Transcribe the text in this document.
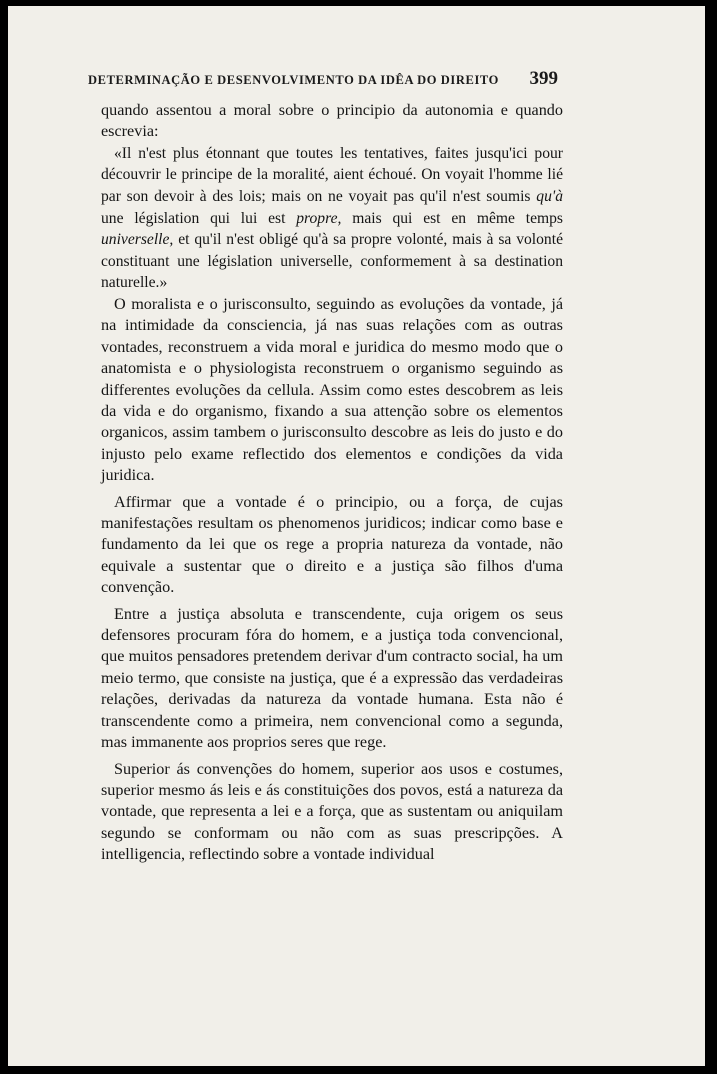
DETERMINAÇÃO E DESENVOLVIMENTO DA IDÊA DO DIREITO 399

quando assentou a moral sobre o principio da autonomia e quando escrevia:

«Il n'est plus étonnant que toutes les tentatives, faites jusqu'ici pour découvrir le principe de la moralité, aient échoué. On voyait l'homme lié par son devoir à des lois; mais on ne voyait pas qu'il n'est soumis qu'à une législation qui lui est propre, mais qui est en même temps universelle, et qu'il n'est obligé qu'à sa propre volonté, mais à sa volonté constituant une législation universelle, conformement à sa destination naturelle.»

O moralista e o jurisconsulto, seguindo as evoluções da vontade, já na intimidade da consciencia, já nas suas relações com as outras vontades, reconstruem a vida moral e juridica do mesmo modo que o anatomista e o physiologista reconstruem o organismo seguindo as differentes evoluções da cellula. Assim como estes descobrem as leis da vida e do organismo, fixando a sua attenção sobre os elementos organicos, assim tambem o jurisconsulto descobre as leis do justo e do injusto pelo exame reflectido dos elementos e condições da vida juridica.

Affirmar que a vontade é o principio, ou a força, de cujas manifestações resultam os phenomenos juridicos; indicar como base e fundamento da lei que os rege a propria natureza da vontade, não equivale a sustentar que o direito e a justiça são filhos d'uma convenção.

Entre a justiça absoluta e transcendente, cuja origem os seus defensores procuram fóra do homem, e a justiça toda convencional, que muitos pensadores pretendem derivar d'um contracto social, ha um meio termo, que consiste na justiça, que é a expressão das verdadeiras relações, derivadas da natureza da vontade humana. Esta não é transcendente como a primeira, nem convencional como a segunda, mas immanente aos proprios seres que rege.

Superior ás convenções do homem, superior aos usos e costumes, superior mesmo ás leis e ás constituições dos povos, está a natureza da vontade, que representa a lei e a força, que as sustentam ou aniquilam segundo se conformam ou não com as suas prescripções. A intelligencia, reflectindo sobre a vontade individual
